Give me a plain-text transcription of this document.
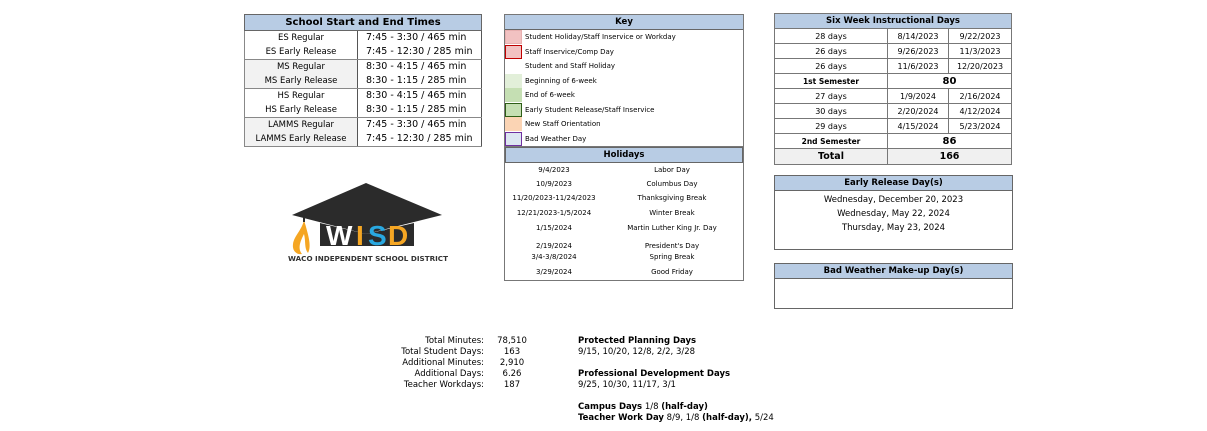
School Start and End Times	
ES Regular	7:45 - 3:30 / 465 min
ES Early Release	7:45 - 12:30 / 285 min
MS Regular	8:30 - 4:15 / 465 min
MS Early Release	8:30 - 1:15 / 285 min
HS Regular	8:30 - 4:15 / 465 min
HS Early Release	8:30 - 1:15 / 285 min
LAMMS Regular	7:45 - 3:30 / 465 min
LAMMS Early Release	7:45 - 12:30 / 285 min
Key
Student Holiday/Staff Inservice or Workday
Staff Inservice/Comp Day
Student and Staff Holiday
Beginning of 6-week
End of 6-week
Early Student Release/Staff Inservice
New Staff Orientation
Bad Weather Day
Holidays
9/4/2023	Labor Day
10/9/2023	Columbus Day
11/20/2023-11/24/2023	Thanksgiving Break
12/21/2023-1/5/2024	Winter Break
1/15/2024	Martin Luther King Jr. Day
2/19/2024	President's Day
3/4-3/8/2024	Spring Break
3/29/2024	Good Friday
Six Week Instructional Days		
28 days	8/14/2023	9/22/2023
26 days	9/26/2023	11/3/2023
26 days	11/6/2023	12/20/2023
1st Semester	80	
27 days	1/9/2024	2/16/2024
30 days	2/20/2024	4/12/2024
29 days	4/15/2024	5/23/2024
2nd Semester	86	
Total	166	
Early Release Day(s)
Wednesday, December 20, 2023
Wednesday, May 22, 2024
Thursday, May 23, 2024
Bad Weather Make-up Day(s)
W I S D
WACO INDEPENDENT SCHOOL DISTRICT
Total Minutes:	78,510
Total Student Days:	163
Additional Minutes:	2,910
Additional Days:	6.26
Teacher Workdays:	187
Protected Planning Days
9/15, 10/20, 12/8, 2/2, 3/28
Professional Development Days
9/25, 10/30, 11/17, 3/1
Campus Days 1/8 (half-day)
Teacher Work Day 8/9, 1/8 (half-day), 5/24
